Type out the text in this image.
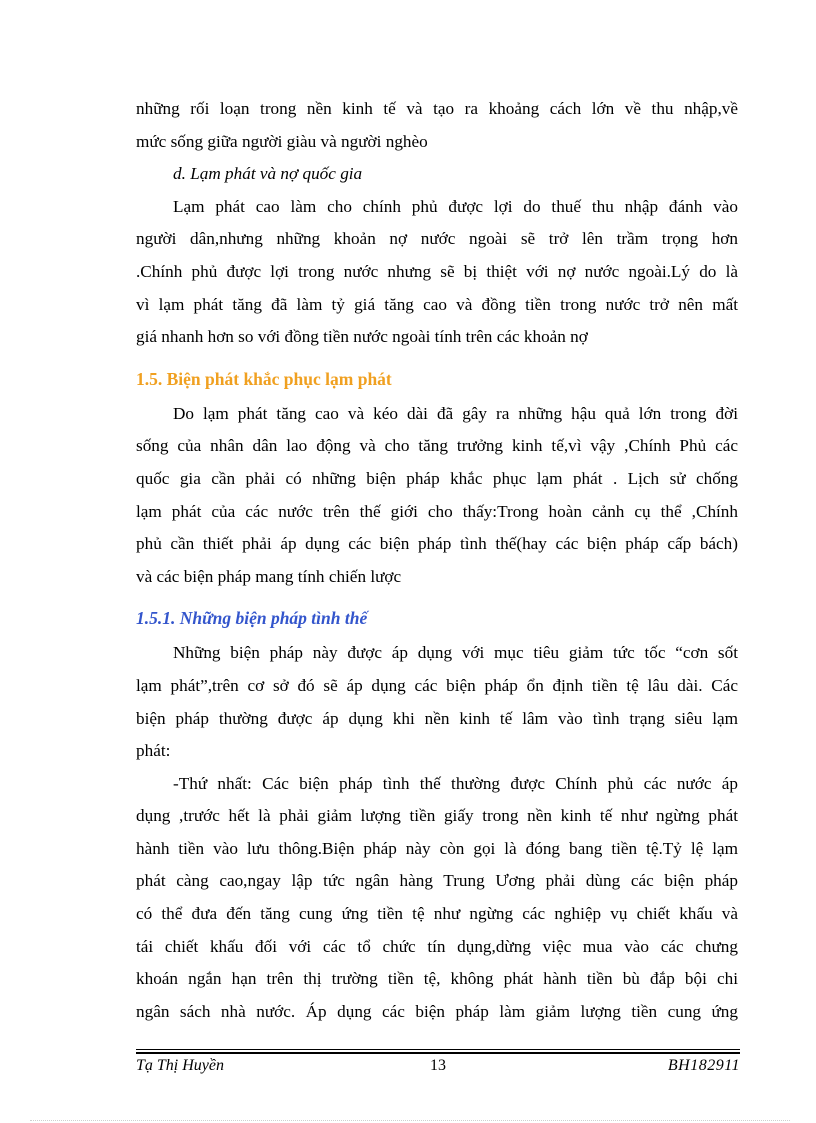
những rối loạn trong nền kinh tế và tạo ra khoảng cách lớn về thu nhập,về
mức sống giữa người giàu và người nghèo

d. Lạm phát và nợ quốc gia

Lạm phát cao làm cho chính phủ được lợi do thuế thu nhập đánh vào
người dân,nhưng những khoản nợ nước ngoài sẽ trở lên trầm trọng hơn
.Chính phủ được lợi trong nước nhưng sẽ bị thiệt với nợ nước ngoài.Lý do là
vì lạm phát tăng đã làm tỷ giá tăng cao và đồng tiền trong nước trở nên mất
giá nhanh hơn so với đồng tiền nước ngoài tính trên các khoản nợ

1.5. Biện phát khắc phục lạm phát

Do lạm phát tăng cao và kéo dài đã gây ra những hậu quả lớn trong đời
sống của nhân dân lao động và cho tăng trưởng kinh tế,vì vậy ,Chính Phủ các
quốc gia cần phải có những biện pháp khắc phục lạm phát . Lịch sử chống
lạm phát của các nước trên thế giới cho thấy:Trong hoàn cảnh cụ thể ,Chính
phủ cần thiết phải áp dụng các biện pháp tình thế(hay các biện pháp cấp bách)
và các biện pháp mang tính chiến lược

1.5.1. Những biện pháp tình thế

Những biện pháp này được áp dụng với mục tiêu giảm tức tốc “cơn sốt
lạm phát”,trên cơ sở đó sẽ áp dụng các biện pháp ổn định tiền tệ lâu dài. Các
biện pháp thường được áp dụng khi nền kinh tế lâm vào tình trạng siêu lạm
phát:

-Thứ nhất: Các biện pháp tình thế thường được Chính phủ các nước áp
dụng ,trước hết là phải giảm lượng tiền giấy trong nền kinh tế như ngừng phát
hành tiền vào lưu thông.Biện pháp này còn gọi là đóng bang tiền tệ.Tỷ lệ lạm
phát càng cao,ngay lập tức ngân hàng Trung Ương phải dùng các biện pháp
có thể đưa đến tăng cung ứng tiền tệ như ngừng các nghiệp vụ chiết khấu và
tái chiết khấu đối với các tổ chức tín dụng,dừng việc mua vào các chưng
khoán ngắn hạn trên thị trường tiền tệ, không phát hành tiền bù đắp bội chi
ngân sách nhà nước. Áp dụng các biện pháp làm giảm lượng tiền cung ứng

Tạ Thị Huyền	13	BH182911
